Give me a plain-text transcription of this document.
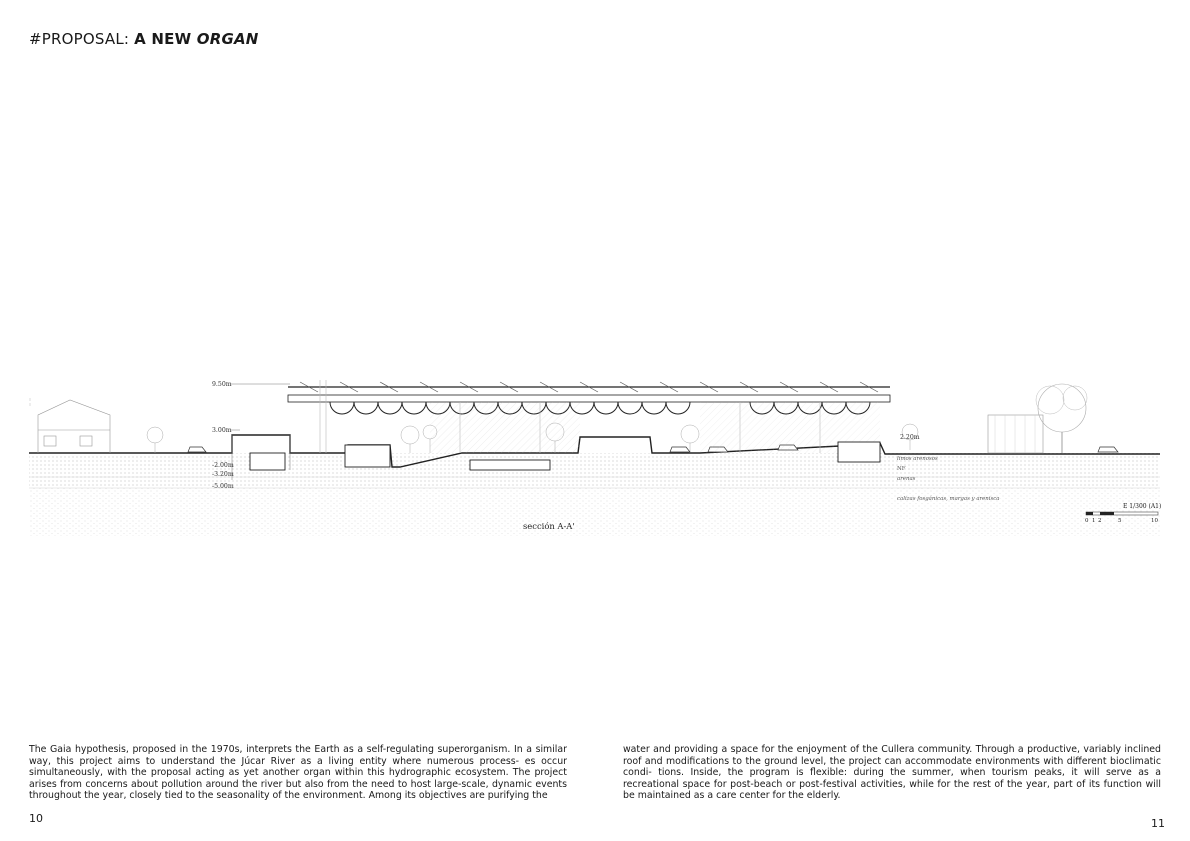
#PROPOSAL: A NEW ORGAN
9.50m
3.00m
2.20m
-2.00m
-3.20m
-5.00m
limos arenosos
NF
arenas
calizas fosgánicas, margas y arenisca
sección A-A'
E 1/300 (A1)
0 1 2	5	10
The Gaia hypothesis, proposed in the 1970s, interprets the Earth as a self-regulating superorganism. In a similar way, this project aims to understand the Júcar River as a living entity where numerous process- es occur simultaneously, with the proposal acting as yet another organ within this hydrographic ecosystem. The project arises from concerns about pollution around the river but also from the need to host large-scale, dynamic events throughout the year, closely tied to the seasonality of the environment. Among its objectives are purifying the
water and providing a space for the enjoyment of the Cullera community. Through a productive, variably inclined roof and modifications to the ground level, the project can accommodate environments with different bioclimatic condi- tions. Inside, the program is flexible: during the summer, when tourism peaks, it will serve as a recreational space for post-beach or post-festival activities, while for the rest of the year, part of its function will be maintained as a care center for the elderly.
10	11
